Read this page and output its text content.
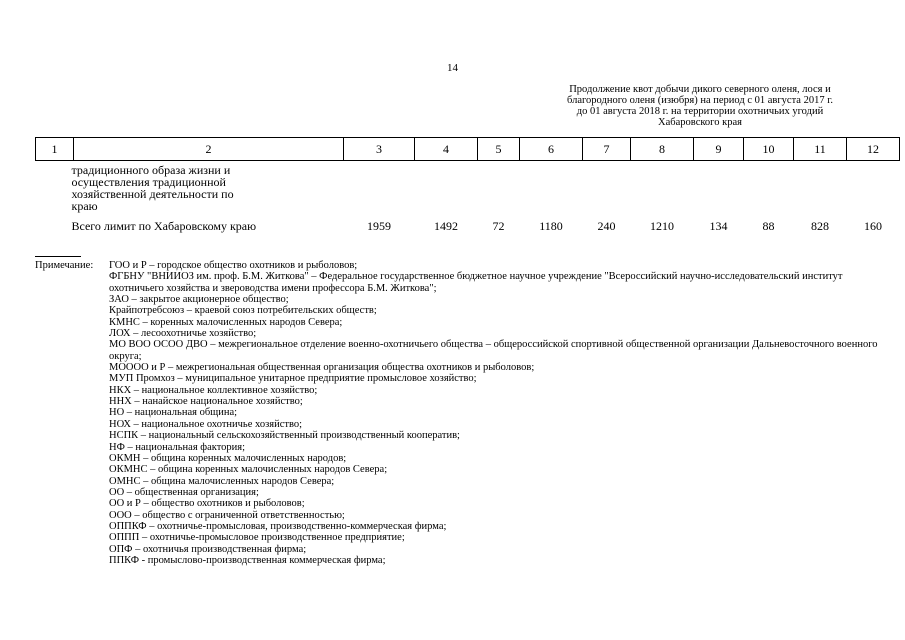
14
Продолжение квот добычи дикого северного оленя, лося и
благородного оленя (изюбря) на период с 01 августа 2017 г.
до 01 августа 2018 г. на территории охотничьих угодий
Хабаровского края
1	2	3	4	5	6	7	8	9	10	11	12

традиционного образа жизни и
осуществления традиционной
хозяйственной деятельности по
краю											

Всего лимит по Хабаровскому краю		1959	1492	72	1180	240	1210	134	88	828	160
Примечание: ГОО и Р – городское общество охотников и рыболовов;
ФГБНУ "ВНИИОЗ им. проф. Б.М. Житкова" – Федеральное государственное бюджетное научное учреждение "Всероссийский научно-исследовательский институт охотничьего хозяйства и звероводства имени профессора Б.М. Житкова";
ЗАО – закрытое акционерное общество;
Крайпотребсоюз – краевой союз потребительских обществ;
КМНС – коренных малочисленных народов Севера;
ЛОХ – лесоохотничье хозяйство;
МО ВОО ОСОО ДВО – межрегиональное отделение военно-охотничьего общества – общероссийской спортивной общественной организации Дальневосточного военного округа;
МОООО и Р – межрегиональная общественная организация общества охотников и рыболовов;
МУП Промхоз – муниципальное унитарное предприятие промысловое хозяйство;
НКХ – национальное коллективное хозяйство;
ННХ – нанайское национальное хозяйство;
НО – национальная община;
НОХ – национальное охотничье хозяйство;
НСПК – национальный сельскохозяйственный производственный кооператив;
НФ – национальная фактория;
ОКМН – община коренных малочисленных народов;
ОКМНС – община коренных малочисленных народов Севера;
ОМНС – община малочисленных народов Севера;
ОО – общественная организация;
ОО и Р – общество охотников и рыболовов;
ООО – общество с ограниченной ответственностью;
ОППКФ – охотничье-промысловая, производственно-коммерческая фирма;
ОППП – охотничье-промысловое производственное предприятие;
ОПФ – охотничья производственная фирма;
ППКФ - промыслово-производственная коммерческая фирма;
